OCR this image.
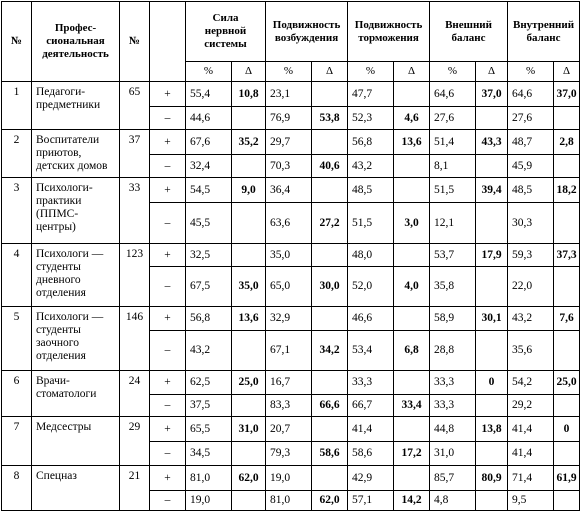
№	Профес-
сиональная
деятельность	№		Сила
нервной
системы		Подвижность
возбуждения		Подвижность
торможения		Внешний
баланс		Внутренний
баланс	
				%	Δ	%	Δ	%	Δ	%	Δ	%	Δ
1	Педагоги-
предметники	65	+	55,4	10,8	23,1		47,7		64,6	37,0	64,6	37,0
			–	44,6		76,9	53,8	52,3	4,6	27,6		27,6	
2	Воспитатели
приютов,
детских домов	37	+	67,6	35,2	29,7		56,8	13,6	51,4	43,3	48,7	2,8
			–	32,4		70,3	40,6	43,2		8,1		45,9	
3	Психологи-
практики
(ППМС-
центры)	33	+	54,5	9,0	36,4		48,5		51,5	39,4	48,5	18,2
			–	45,5		63,6	27,2	51,5	3,0	12,1		30,3	
4	Психологи —
студенты
дневного
отделения	123	+	32,5		35,0		48,0		53,7	17,9	59,3	37,3
			–	67,5	35,0	65,0	30,0	52,0	4,0	35,8		22,0	
5	Психологи —
студенты
заочного
отделения	146	+	56,8	13,6	32,9		46,6		58,9	30,1	43,2	7,6
			–	43,2		67,1	34,2	53,4	6,8	28,8		35,6	
6	Врачи-
стоматологи	24	+	62,5	25,0	16,7		33,3		33,3	0	54,2	25,0
			–	37,5		83,3	66,6	66,7	33,4	33,3		29,2	
7	Медсестры	29	+	65,5	31,0	20,7		41,4		44,8	13,8	41,4	0
			–	34,5		79,3	58,6	58,6	17,2	31,0		41,4	
8	Спецназ	21	+	81,0	62,0	19,0		42,9		85,7	80,9	71,4	61,9
			–	19,0		81,0	62,0	57,1	14,2	4,8		9,5	
